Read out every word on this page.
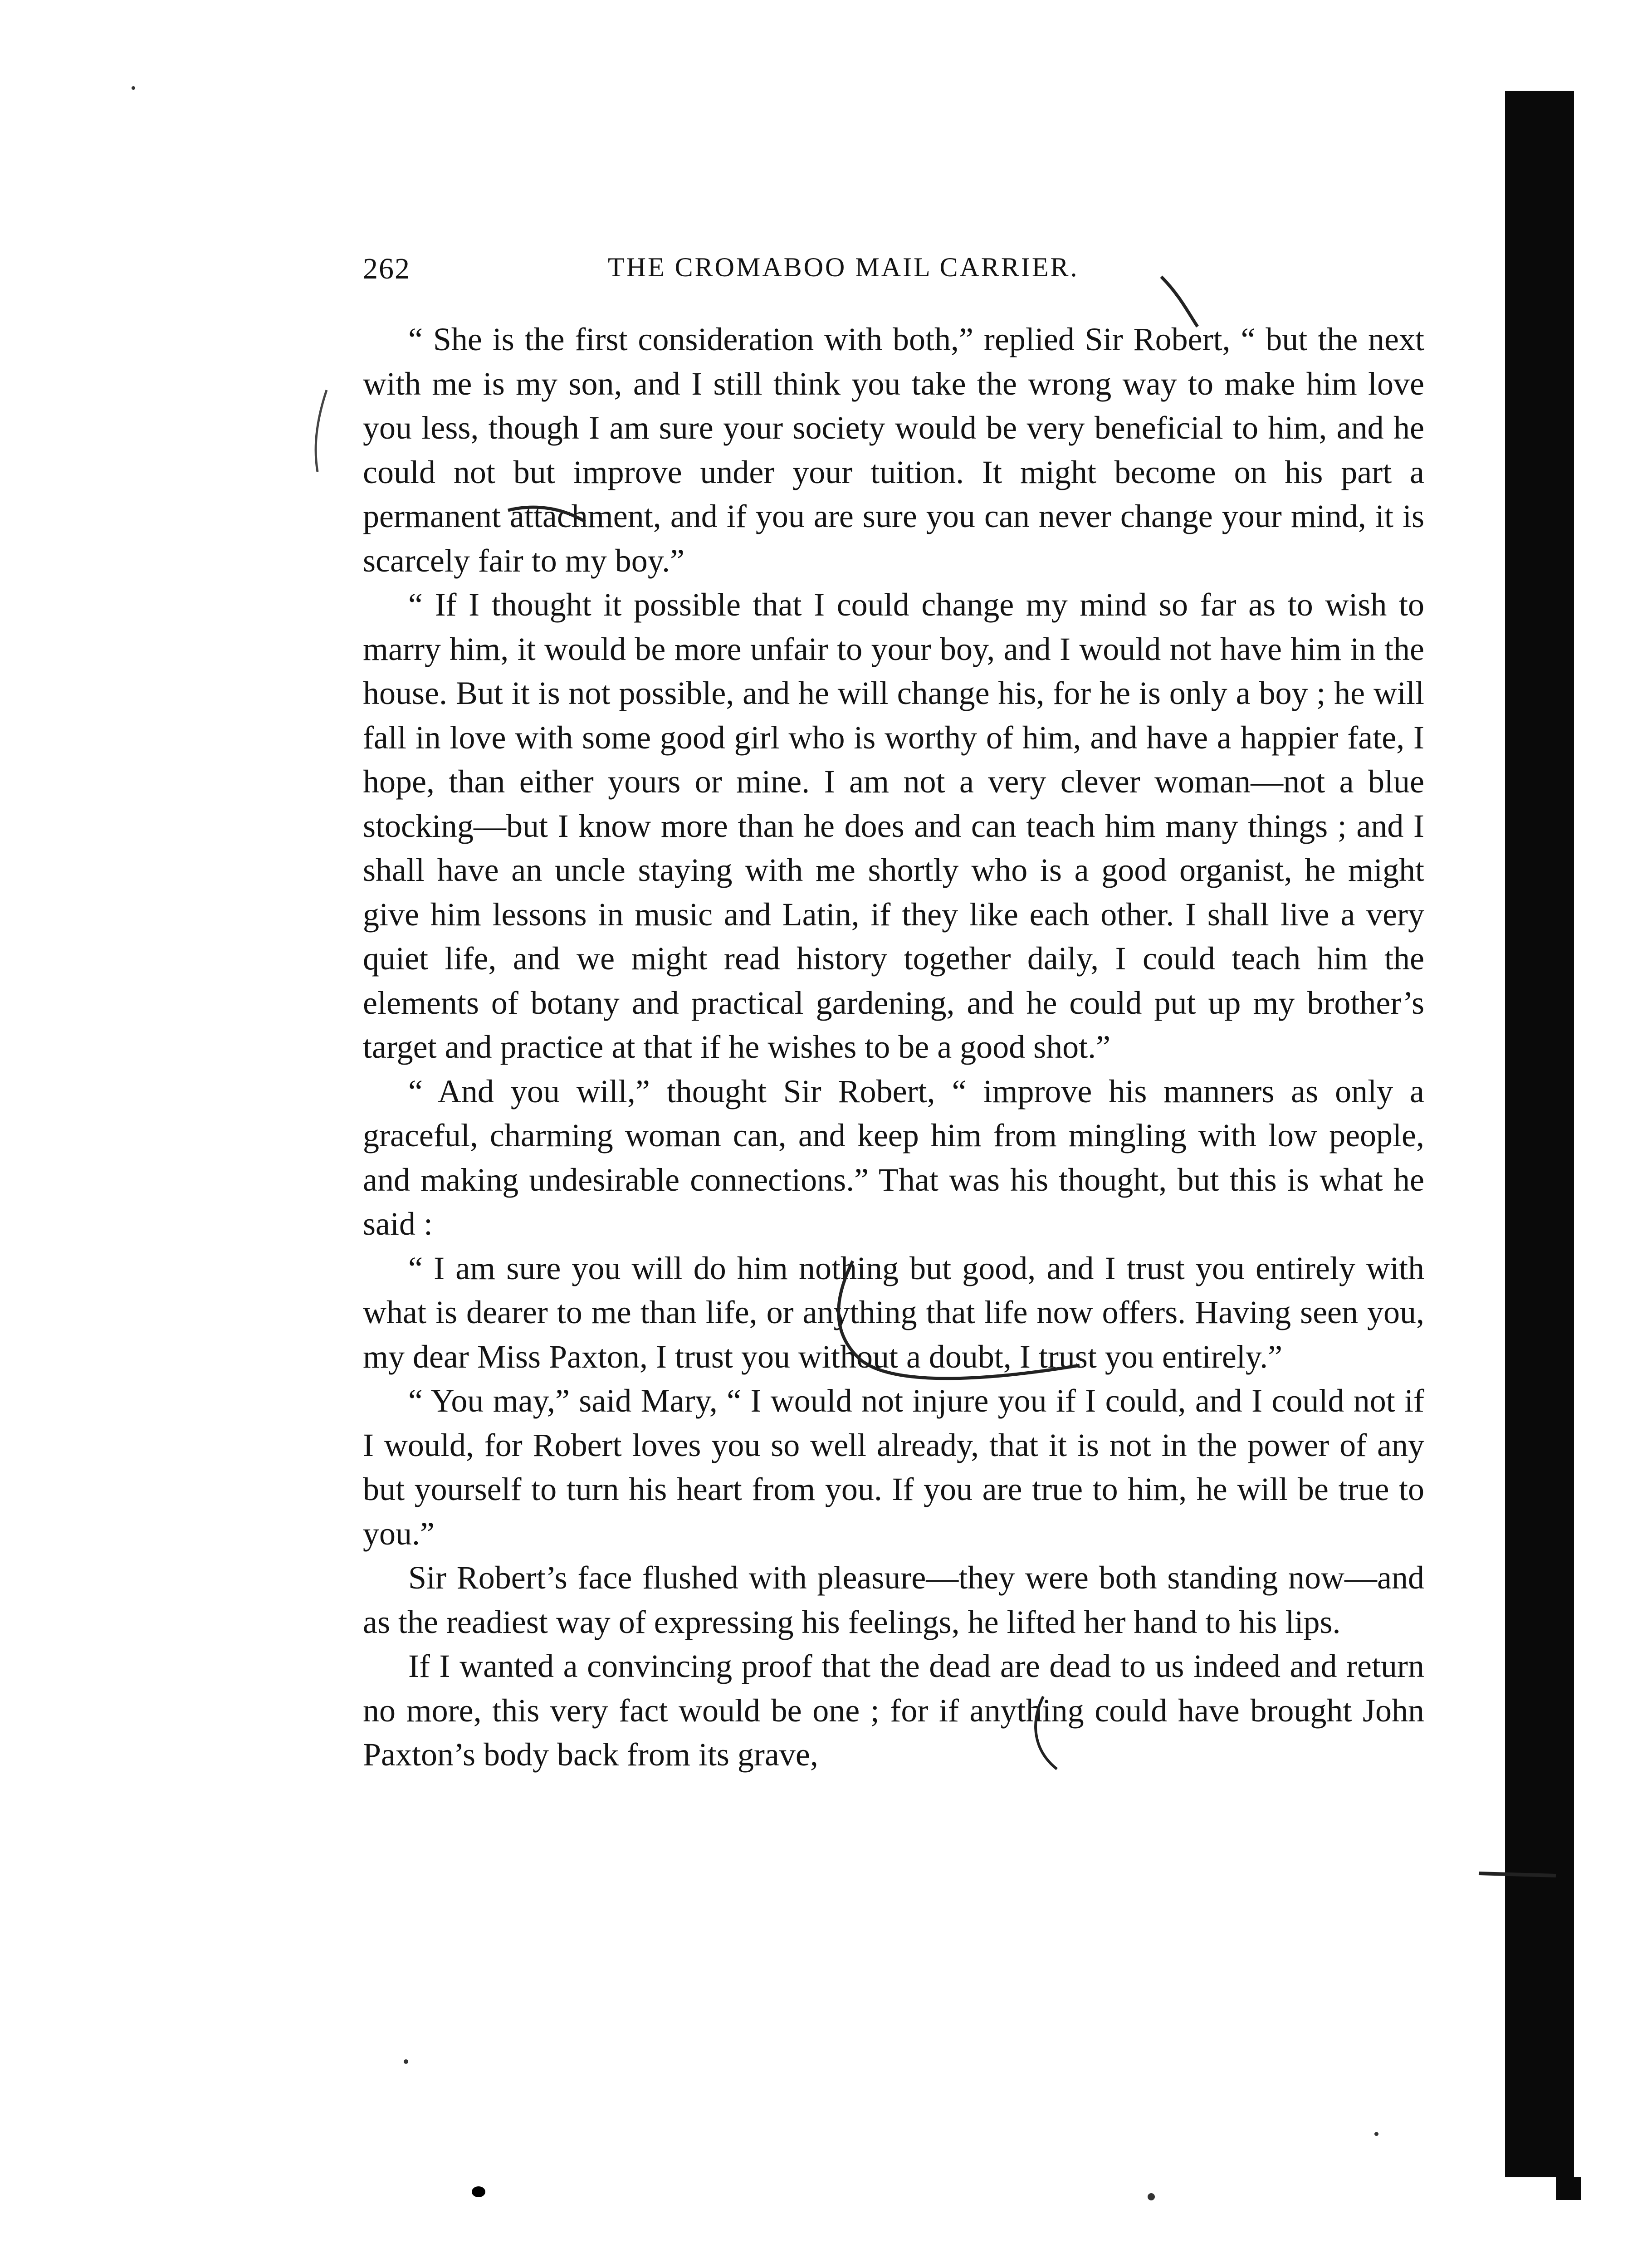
262	THE CROMABOO MAIL CARRIER.

“ She is the first consideration with both,” replied Sir Robert, “ but the next with me is my son, and I still think you take the wrong way to make him love you less, though I am sure your society would be very beneficial to him, and he could not but improve under your tuition. It might become on his part a permanent attachment, and if you are sure you can never change your mind, it is scarcely fair to my boy.”

“ If I thought it possible that I could change my mind so far as to wish to marry him, it would be more unfair to your boy, and I would not have him in the house. But it is not possible, and he will change his, for he is only a boy ; he will fall in love with some good girl who is worthy of him, and have a happier fate, I hope, than either yours or mine. I am not a very clever woman—not a blue stocking—but I know more than he does and can teach him many things ; and I shall have an uncle staying with me shortly who is a good organist, he might give him lessons in music and Latin, if they like each other. I shall live a very quiet life, and we might read history together daily, I could teach him the elements of botany and practical gardening, and he could put up my brother’s target and practice at that if he wishes to be a good shot.”

“ And you will,” thought Sir Robert, “ improve his manners as only a graceful, charming woman can, and keep him from mingling with low people, and making undesirable connections.” That was his thought, but this is what he said :

“ I am sure you will do him nothing but good, and I trust you entirely with what is dearer to me than life, or anything that life now offers. Having seen you, my dear Miss Paxton, I trust you without a doubt, I trust you entirely.”

“ You may,” said Mary, “ I would not injure you if I could, and I could not if I would, for Robert loves you so well already, that it is not in the power of any but yourself to turn his heart from you. If you are true to him, he will be true to you.”

Sir Robert’s face flushed with pleasure—they were both standing now—and as the readiest way of expressing his feelings, he lifted her hand to his lips.

If I wanted a convincing proof that the dead are dead to us indeed and return no more, this very fact would be one ; for if anything could have brought John Paxton’s body back from its grave,
